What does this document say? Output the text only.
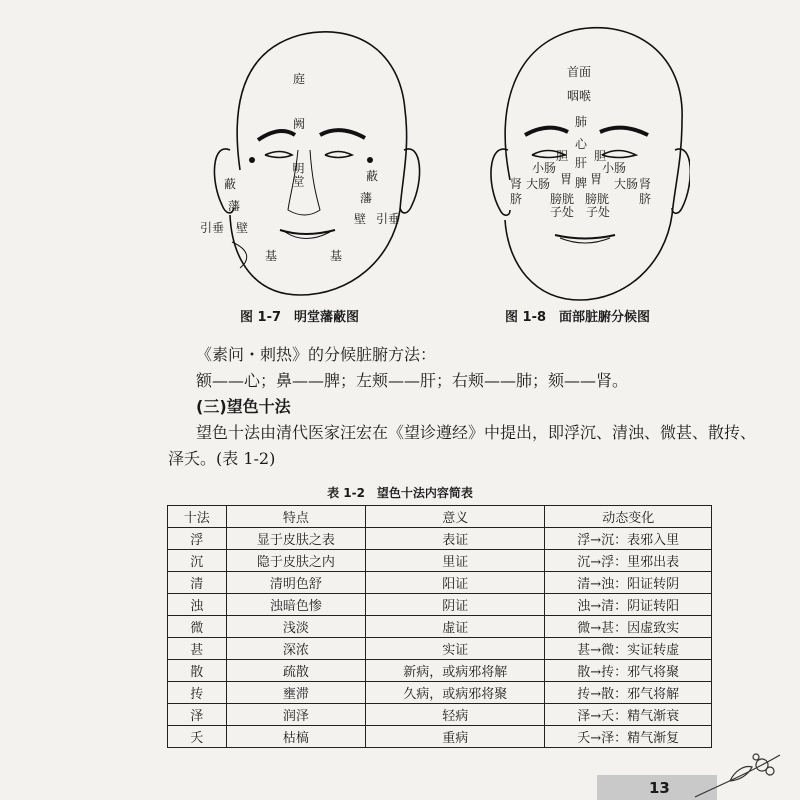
庭
阙
明堂
蔽
藩
壁
引垂
基
蔽
藩
壁 引垂
基
首面
咽喉
肺
心
胆 肝 胆
小肠	小肠
大肠	大肠
胃 脾 胃
肾	肾
脐	脐
膀胱 膀胱
子处 子处
图 1-7　明堂藩蔽图	图 1-8　面部脏腑分候图
《素问・刺热》的分候脏腑方法：
额——心；鼻——脾；左颊——肝；右颊——肺；颏——肾。
(三)望色十法
望色十法由清代医家汪宏在《望诊遵经》中提出，即浮沉、清浊、微甚、散抟、
泽夭。(表 1-2)
表 1-2　望色十法内容简表
十法	特点	意义	动态变化
浮	显于皮肤之表	表证	浮→沉：表邪入里
沉	隐于皮肤之内	里证	沉→浮：里邪出表
清	清明色舒	阳证	清→浊：阳证转阴
浊	浊暗色惨	阴证	浊→清：阴证转阳
微	浅淡	虚证	微→甚：因虚致实
甚	深浓	实证	甚→微：实证转虚
散	疏散	新病，或病邪将解	散→抟：邪气将聚
抟	壅滞	久病，或病邪将聚	抟→散：邪气将解
泽	润泽	轻病	泽→夭：精气渐衰
夭	枯槁	重病	夭→泽：精气渐复
13
